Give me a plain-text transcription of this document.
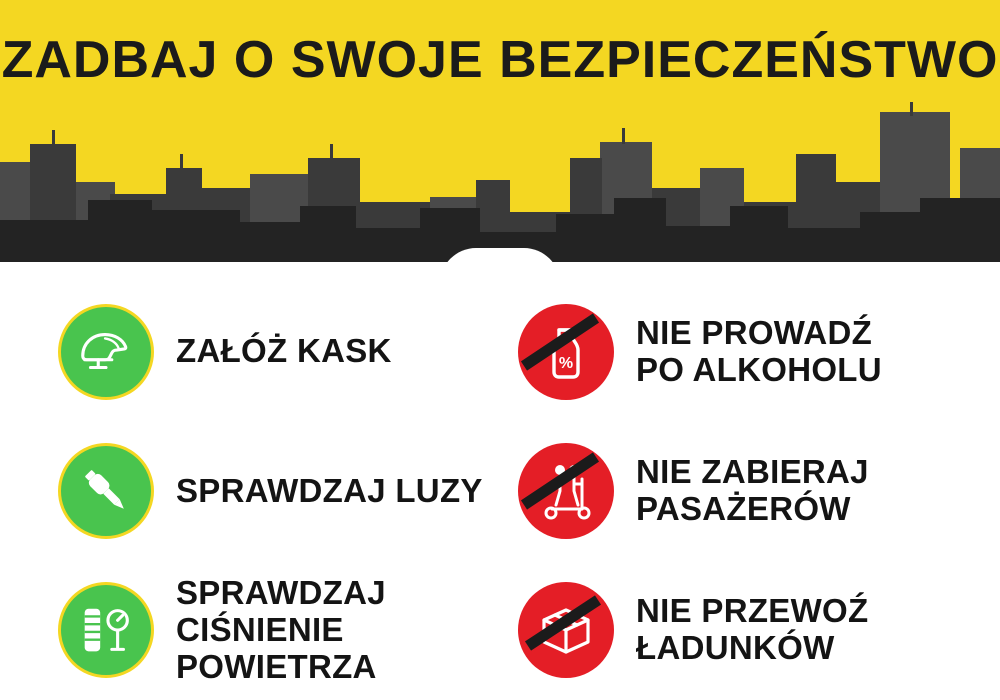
ZADBAJ O SWOJE BEZPIECZEŃSTWO
ZAŁÓŻ KASK	%
NIE PROWADŹ
PO ALKOHOLU
SPRAWDZAJ LUZY	NIE ZABIERAJ
PASAŻERÓW
SPRAWDZAJ
CIŚNIENIE POWIETRZA
NIE PRZEWOŹ
ŁADUNKÓW
